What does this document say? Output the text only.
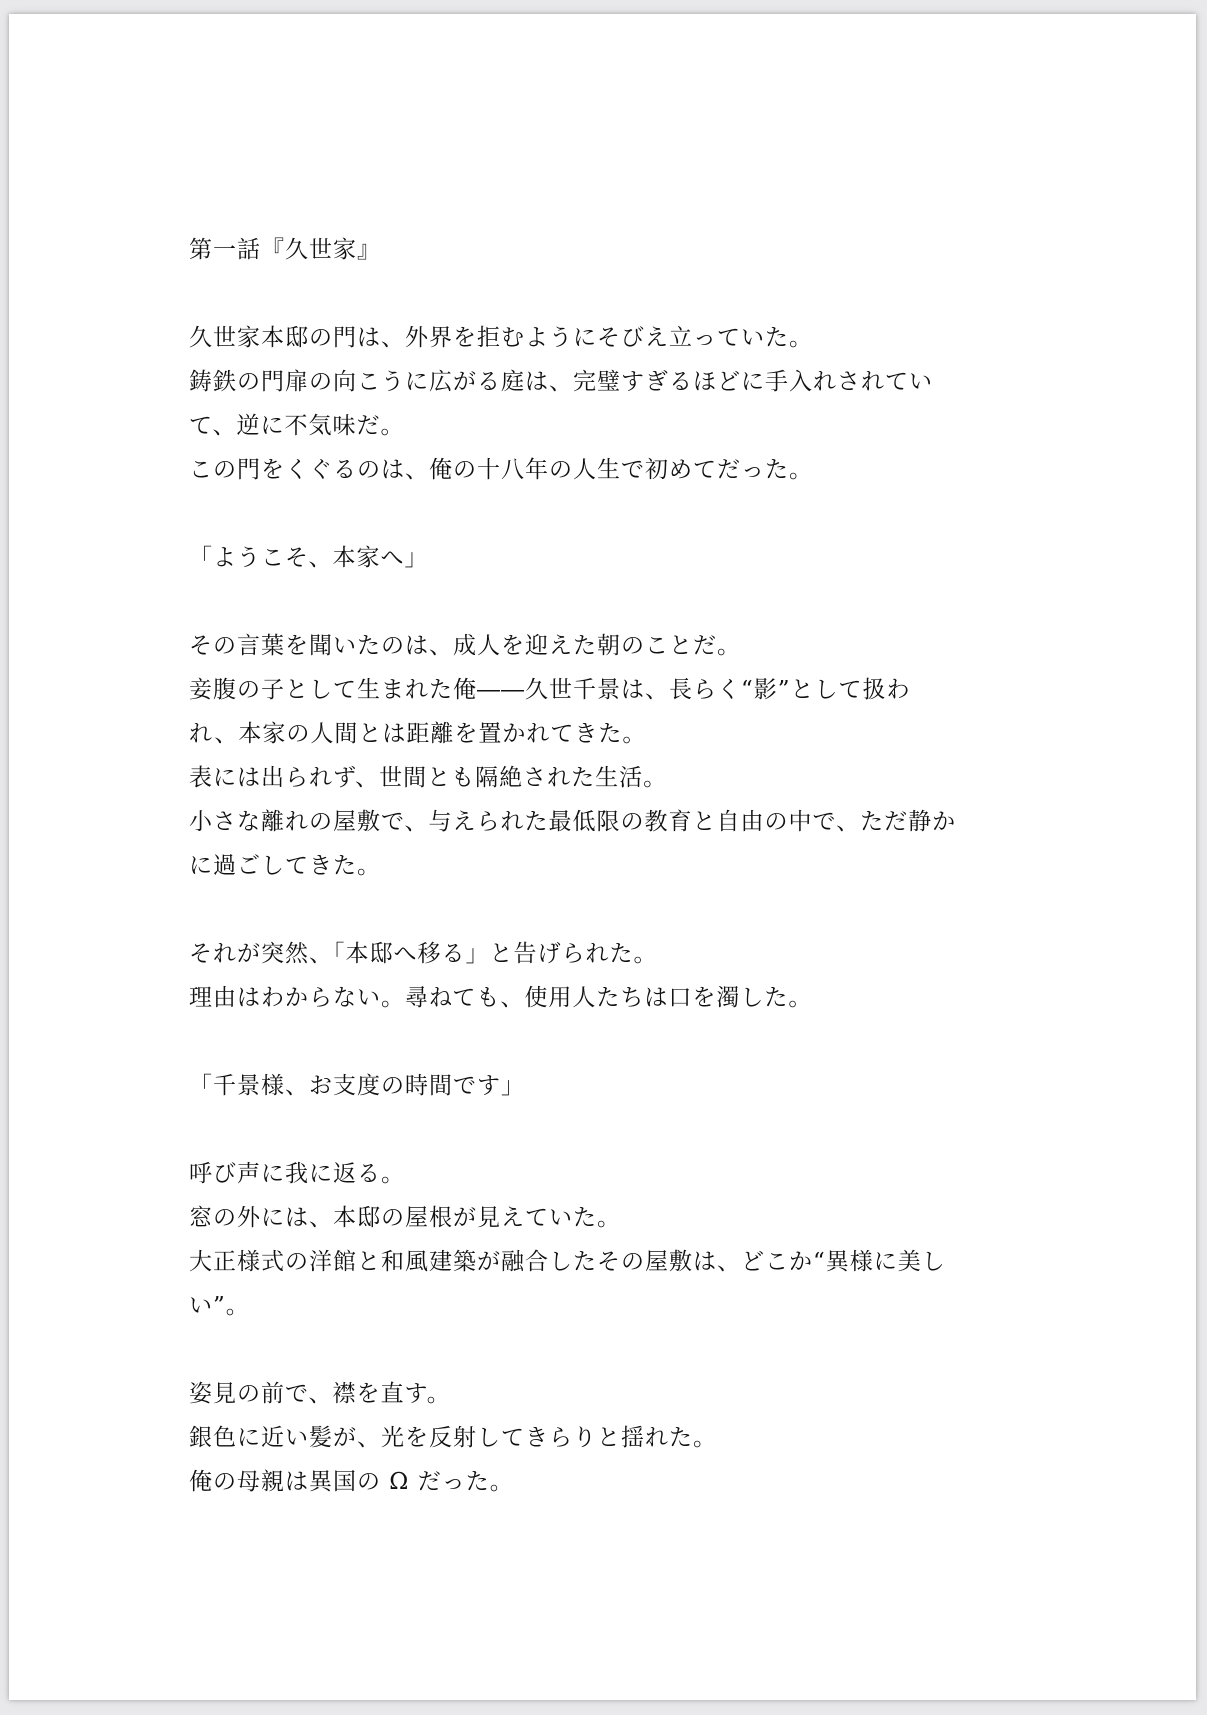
第一話『久世家』
久世家本邸の門は、外界を拒むようにそびえ立っていた。
鋳鉄の門扉の向こうに広がる庭は、完璧すぎるほどに手入れされてい
て、逆に不気味だ。
この門をくぐるのは、俺の十八年の人生で初めてだった。
「ようこそ、本家へ」
その言葉を聞いたのは、成人を迎えた朝のことだ。
妾腹の子として生まれた俺――久世千景は、長らく“影”として扱わ
れ、本家の人間とは距離を置かれてきた。
表には出られず、世間とも隔絶された生活。
小さな離れの屋敷で、与えられた最低限の教育と自由の中で、ただ静か
に過ごしてきた。
それが突然、「本邸へ移る」と告げられた。
理由はわからない。尋ねても、使用人たちは口を濁した。
「千景様、お支度の時間です」
呼び声に我に返る。
窓の外には、本邸の屋根が見えていた。
大正様式の洋館と和風建築が融合したその屋敷は、どこか“異様に美し
い”。
姿見の前で、襟を直す。
銀色に近い髪が、光を反射してきらりと揺れた。
俺の母親は異国の Ω だった。
